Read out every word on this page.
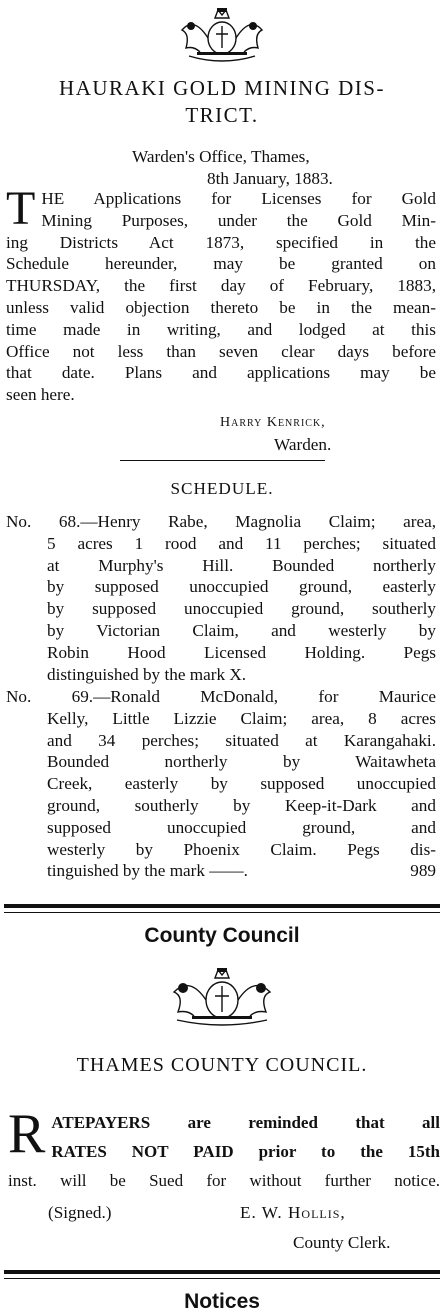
HAURAKI GOLD MINING DIS-
TRICT.
Warden's Office, Thames,
8th January, 1883.
T HE Applications for Licenses for Gold

Mining Purposes, under the Gold Min-

ing Districts Act 1873, specified in the

Schedule hereunder, may be granted on

THURSDAY, the first day of February, 1883,

unless valid objection thereto be in the mean-

time made in writing, and lodged at this

Office not less than seven clear days before

that date. Plans and applications may be

seen here.

Harry Kenrick,
Warden.
SCHEDULE.
No. 68.—Henry Rabe, Magnolia Claim; area,
5 acres 1 rood and 11 perches; situated
at Murphy's Hill. Bounded northerly
by supposed unoccupied ground, easterly
by supposed unoccupied ground, southerly
by Victorian Claim, and westerly by
Robin Hood Licensed Holding. Pegs
distinguished by the mark X.
No. 69.—Ronald McDonald, for Maurice
Kelly, Little Lizzie Claim; area, 8 acres
and 34 perches; situated at Karangahaki.
Bounded northerly by Waitawheta
Creek, easterly by supposed unoccupied
ground, southerly by Keep-it-Dark and
supposed unoccupied ground, and
westerly by Phoenix Claim. Pegs dis-
tinguished by the mark ——.	989
County Council
THAMES COUNTY COUNCIL.
R ATEPAYERS are reminded that all
RATES NOT PAID prior to the 15th
inst. will be Sued for without further notice.
(Signed.)	E. W. Hollis,
County Clerk.
Notices
